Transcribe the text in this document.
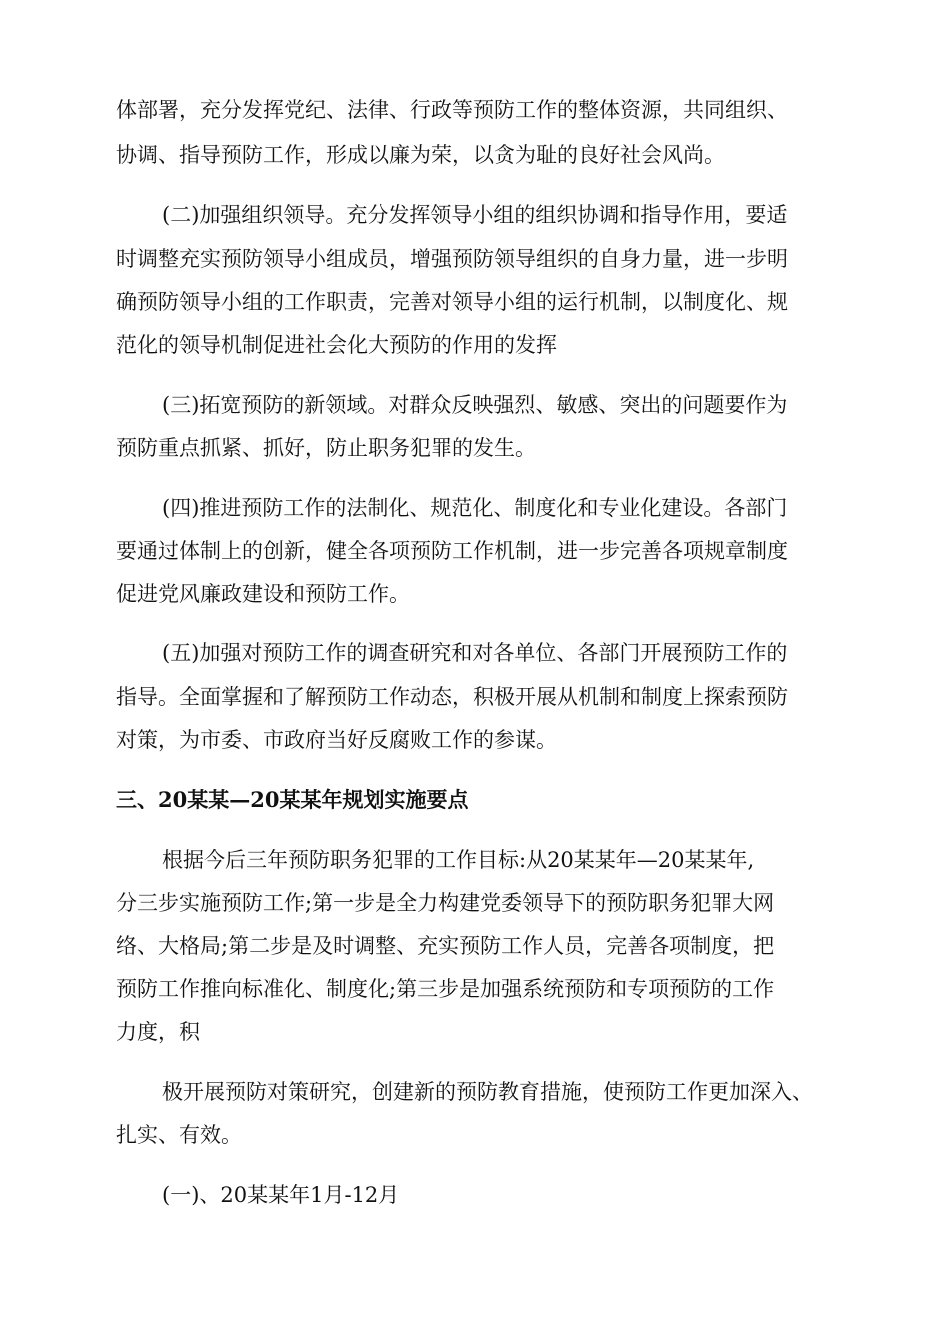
体部署，充分发挥党纪、法律、行政等预防工作的整体资源，共同组织、
协调、指导预防工作，形成以廉为荣，以贪为耻的良好社会风尚。
(二)加强组织领导。充分发挥领导小组的组织协调和指导作用，要适
时调整充实预防领导小组成员，增强预防领导组织的自身力量，进一步明
确预防领导小组的工作职责，完善对领导小组的运行机制，以制度化、规
范化的领导机制促进社会化大预防的作用的发挥
(三)拓宽预防的新领域。对群众反映强烈、敏感、突出的问题要作为
预防重点抓紧、抓好，防止职务犯罪的发生。
(四)推进预防工作的法制化、规范化、制度化和专业化建设。各部门
要通过体制上的创新，健全各项预防工作机制，进一步完善各项规章制度
促进党风廉政建设和预防工作。
(五)加强对预防工作的调查研究和对各单位、各部门开展预防工作的
指导。全面掌握和了解预防工作动态，积极开展从机制和制度上探索预防
对策，为市委、市政府当好反腐败工作的参谋。
三、20某某—20某某年规划实施要点
根据今后三年预防职务犯罪的工作目标:从20某某年—20某某年,
分三步实施预防工作;第一步是全力构建党委领导下的预防职务犯罪大网
络、大格局;第二步是及时调整、充实预防工作人员，完善各项制度，把
预防工作推向标准化、制度化;第三步是加强系统预防和专项预防的工作
力度，积
极开展预防对策研究，创建新的预防教育措施，使预防工作更加深入、
扎实、有效。
(一)、20某某年1月-12月
